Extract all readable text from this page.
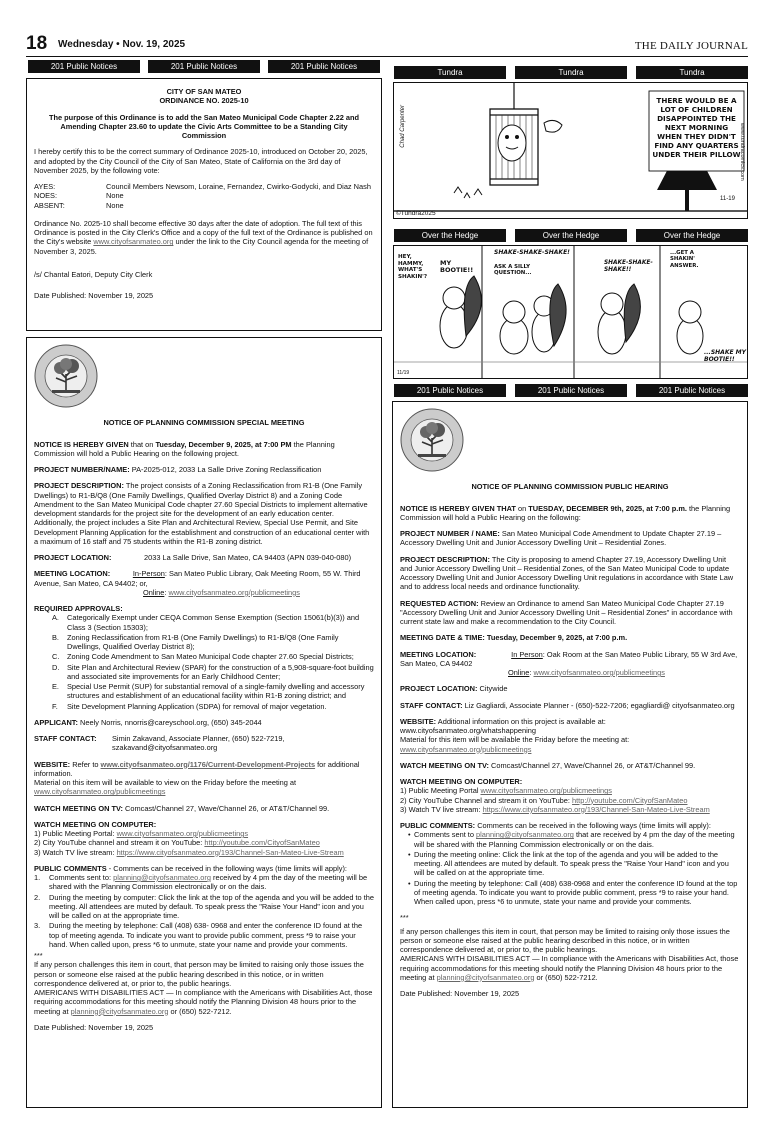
18 Wednesday • Nov. 19, 2025	THE DAILY JOURNAL
201 Public Notices	201 Public Notices	201 Public Notices
CITY OF SAN MATEO
ORDINANCE NO. 2025-10

The purpose of this Ordinance is to add the San Mateo Municipal Code Chapter 2.22 and Amending Chapter 23.60 to update the Civic Arts Committee to be a Standing City Commission

I hereby certify this to be the correct summary of Ordinance 2025-10, introduced on October 20, 2025, and adopted by the City Council of the City of San Mateo, State of California on the 3rd day of November 2025, by the following vote:

AYES:	Council Members Newsom, Loraine, Fernandez, Cwirko-Godycki, and Diaz Nash
NOES:	None
ABSENT:	None

Ordinance No. 2025-10 shall become effective 30 days after the date of adoption. The full text of this Ordinance is posted in the City Clerk's Office and a copy of the full text of the Ordinance is published on the City's website www.cityofsanmateo.org under the link to the City Council agenda for the meeting of November 3, 2025.

/s/ Chantal Eatori, Deputy City Clerk

Date Published: November 19, 2025

NOTICE OF PLANNING COMMISSION SPECIAL MEETING

NOTICE IS HEREBY GIVEN that on Tuesday, December 9, 2025, at 7:00 PM the Planning Commission will hold a Public Hearing on the following project.

PROJECT NUMBER/NAME: PA-2025-012, 2033 La Salle Drive Zoning Reclassification

PROJECT DESCRIPTION: The project consists of a Zoning Reclassification from R1-B (One Family Dwellings) to R1-B/Q8 (One Family Dwellings, Qualified Overlay District 8) and a Zoning Code Amendment to the San Mateo Municipal Code chapter 27.60 Special Districts to implement alternative development standards for the project site for the development of an early education center. Additionally, the project includes a Site Plan and Architectural Review, Special Use Permit, and Site Development Planning Application for the establishment and construction of an educational center with a maximum of 16 staff and 75 students within the R1-B zoning district.

PROJECT LOCATION:	2033 La Salle Drive, San Mateo, CA 94403 (APN 039-040-080)

MEETING LOCATION:	In-Person: San Mateo Public Library, Oak Meeting Room, 55 W. Third Avenue, San Mateo, CA 94402; or,
Online: www.cityofsanmateo.org/publicmeetings

REQUIRED APPROVALS:
A.	Categorically Exempt under CEQA Common Sense Exemption (Section 15061(b)(3)) and Class 3 (Section 15303);
B.	Zoning Reclassification from R1-B (One Family Dwellings) to R1-B/Q8 (One Family Dwellings, Qualified Overlay District 8);
C.	Zoning Code Amendment to San Mateo Municipal Code chapter 27.60 Special Districts;
D.	Site Plan and Architectural Review (SPAR) for the construction of a 5,908-square-foot building and associated site improvements for an Early Childhood Center;
E.	Special Use Permit (SUP) for substantial removal of a single-family dwelling and accessory structures and establishment of an educational facility within R1-B zoning district; and
F.	Site Development Planning Application (SDPA) for removal of major vegetation.

APPLICANT: Neely Norris, nnorris@careyschool.org, (650) 345-2044

STAFF CONTACT:	Simin Zakavand, Associate Planner, (650) 522-7219,
szakavand@cityofsanmateo.org

WEBSITE: Refer to www.cityofsanmateo.org/1176/Current-Development-Projects for additional information.
Material on this item will be available to view on the Friday before the meeting at www.cityofsanmateo.org/publicmeetings

WATCH MEETING ON TV: Comcast/Channel 27, Wave/Channel 26, or AT&T/Channel 99.

WATCH MEETING ON COMPUTER:
1) Public Meeting Portal: www.cityofsanmateo.org/publicmeetings
2) City YouTube channel and stream it on YouTube: http://youtube.com/CityofSanMateo
3) Watch TV live stream: https://www.cityofsanmateo.org/193/Channel-San-Mateo-Live-Stream
PUBLIC COMMENTS - Comments can be received in the following ways (time limits will apply):
1.	Comments sent to: planning@cityofsanmateo.org received by 4 pm the day of the meeting will be shared with the Planning Commission electronically or on the dais.
2.	During the meeting by computer: Click the link at the top of the agenda and you will be added to the meeting. All attendees are muted by default. To speak press the "Raise Your Hand" icon and you will be called on at the appropriate time.
3.	During the meeting by telephone: Call (408) 638- 0968 and enter the conference ID found at the top of meeting agenda. To indicate you want to provide public comment, press *9 to raise your hand. When called upon, press *6 to unmute, state your name and provide your comments.
***
If any person challenges this item in court, that person may be limited to raising only those issues the person or someone else raised at the public hearing described in this notice, or in written correspondence delivered at, or prior to, the public hearings.

AMERICANS WITH DISABILITIES ACT — In compliance with the Americans with Disabilities Act, those requiring accommodations for this meeting should notify the Planning Division 48 hours prior to the meeting at planning@cityofsanmateo.org or (650) 522-7212.

Date Published: November 19, 2025

Tundra	Tundra	Tundra
Chad Carpenter
THERE WOULD BE A LOT OF CHILDREN DISAPPOINTED THE NEXT MORNING WHEN THEY DIDN'T FIND ANY QUARTERS UNDER THEIR PILLOW
©Tundra2025
11-19
www.tundracomics.com
Over the Hedge	Over the Hedge	Over the Hedge
HEY, HAMMY, WHAT'S SHAKIN'?
MY BOOTIE!!
SHAKE-SHAKE-SHAKE!
ASK A SILLY QUESTION...
SHAKE-SHAKE-SHAKE!!
...GET A SHAKIN' ANSWER.
...SHAKE MY BOOTIE!!
11/19
201 Public Notices	201 Public Notices	201 Public Notices

NOTICE OF PLANNING COMMISSION PUBLIC HEARING

NOTICE IS HEREBY GIVEN THAT on TUESDAY, DECEMBER 9th, 2025, at 7:00 p.m. the Planning Commission will hold a Public Hearing on the following:

PROJECT NUMBER / NAME: San Mateo Municipal Code Amendment to Update Chapter 27.19 – Accessory Dwelling Unit and Junior Accessory Dwelling Unit – Residential Zones.

PROJECT DESCRIPTION: The City is proposing to amend Chapter 27.19, Accessory Dwelling Unit and Junior Accessory Dwelling Unit – Residential Zones, of the San Mateo Municipal Code to update Accessory Dwelling Unit and Junior Accessory Dwelling Unit regulations in accordance with State Law and to address local needs and ordinance functionality.

REQUESTED ACTION: Review an Ordinance to amend San Mateo Municipal Code Chapter 27.19 "Accessory Dwelling Unit and Junior Accessory Dwelling Unit – Residential Zones" in accordance with current state law and make a recommendation to the City Council.

MEETING DATE & TIME: Tuesday, December 9, 2025, at 7:00 p.m.

MEETING LOCATION:	In Person: Oak Room at the San Mateo Public Library, 55 W 3rd Ave, San Mateo, CA 94402
Online: www.cityofsanmateo.org/publicmeetings

PROJECT LOCATION: Citywide

STAFF CONTACT: Liz Gagliardi, Associate Planner - (650)-522-7206; egagliardi@ cityofsanmateo.org

WEBSITE: Additional information on this project is available at: www.cityofsanmateo.org/whatshappening
Material for this item will be available the Friday before the meeting at:
www.cityofsanmateo.org/publicmeetings

WATCH MEETING ON TV: Comcast/Channel 27, Wave/Channel 26, or AT&T/Channel 99.

WATCH MEETING ON COMPUTER:
1) Public Meeting Portal www.cityofsanmateo.org/publicmeetings
2) City YouTube Channel and stream it on YouTube: http://youtube.com/CityofSanMateo
3) Watch TV live stream: https://www.cityofsanmateo.org/193/Channel-San-Mateo-Live-Stream
PUBLIC COMMENTS: Comments can be received in the following ways (time limits will apply):
• Comments sent to planning@cityofsanmateo.org that are received by 4 pm the day of the meeting will be shared with the Planning Commission electronically or on the dais.
• During the meeting online: Click the link at the top of the agenda and you will be added to the meeting. All attendees are muted by default. To speak press the "Raise Your Hand" icon and you will be called on at the appropriate time.
• During the meeting by telephone: Call (408) 638-0968 and enter the conference ID found at the top of meeting agenda. To indicate you want to provide public comment, press *9 to raise your hand. When called upon, press *6 to unmute, state your name and provide your comments.
***
If any person challenges this item in court, that person may be limited to raising only those issues the person or someone else raised at the public hearing described in this notice, or in written correspondence delivered at, or prior to, the public hearings.

AMERICANS WITH DISABILITIES ACT — In compliance with the Americans with Disabilities Act, those requiring accommodations for this meeting should notify the Planning Division 48 hours prior to the meeting at planning@cityofsanmateo.org or (650) 522-7212.

Date Published: November 19, 2025
